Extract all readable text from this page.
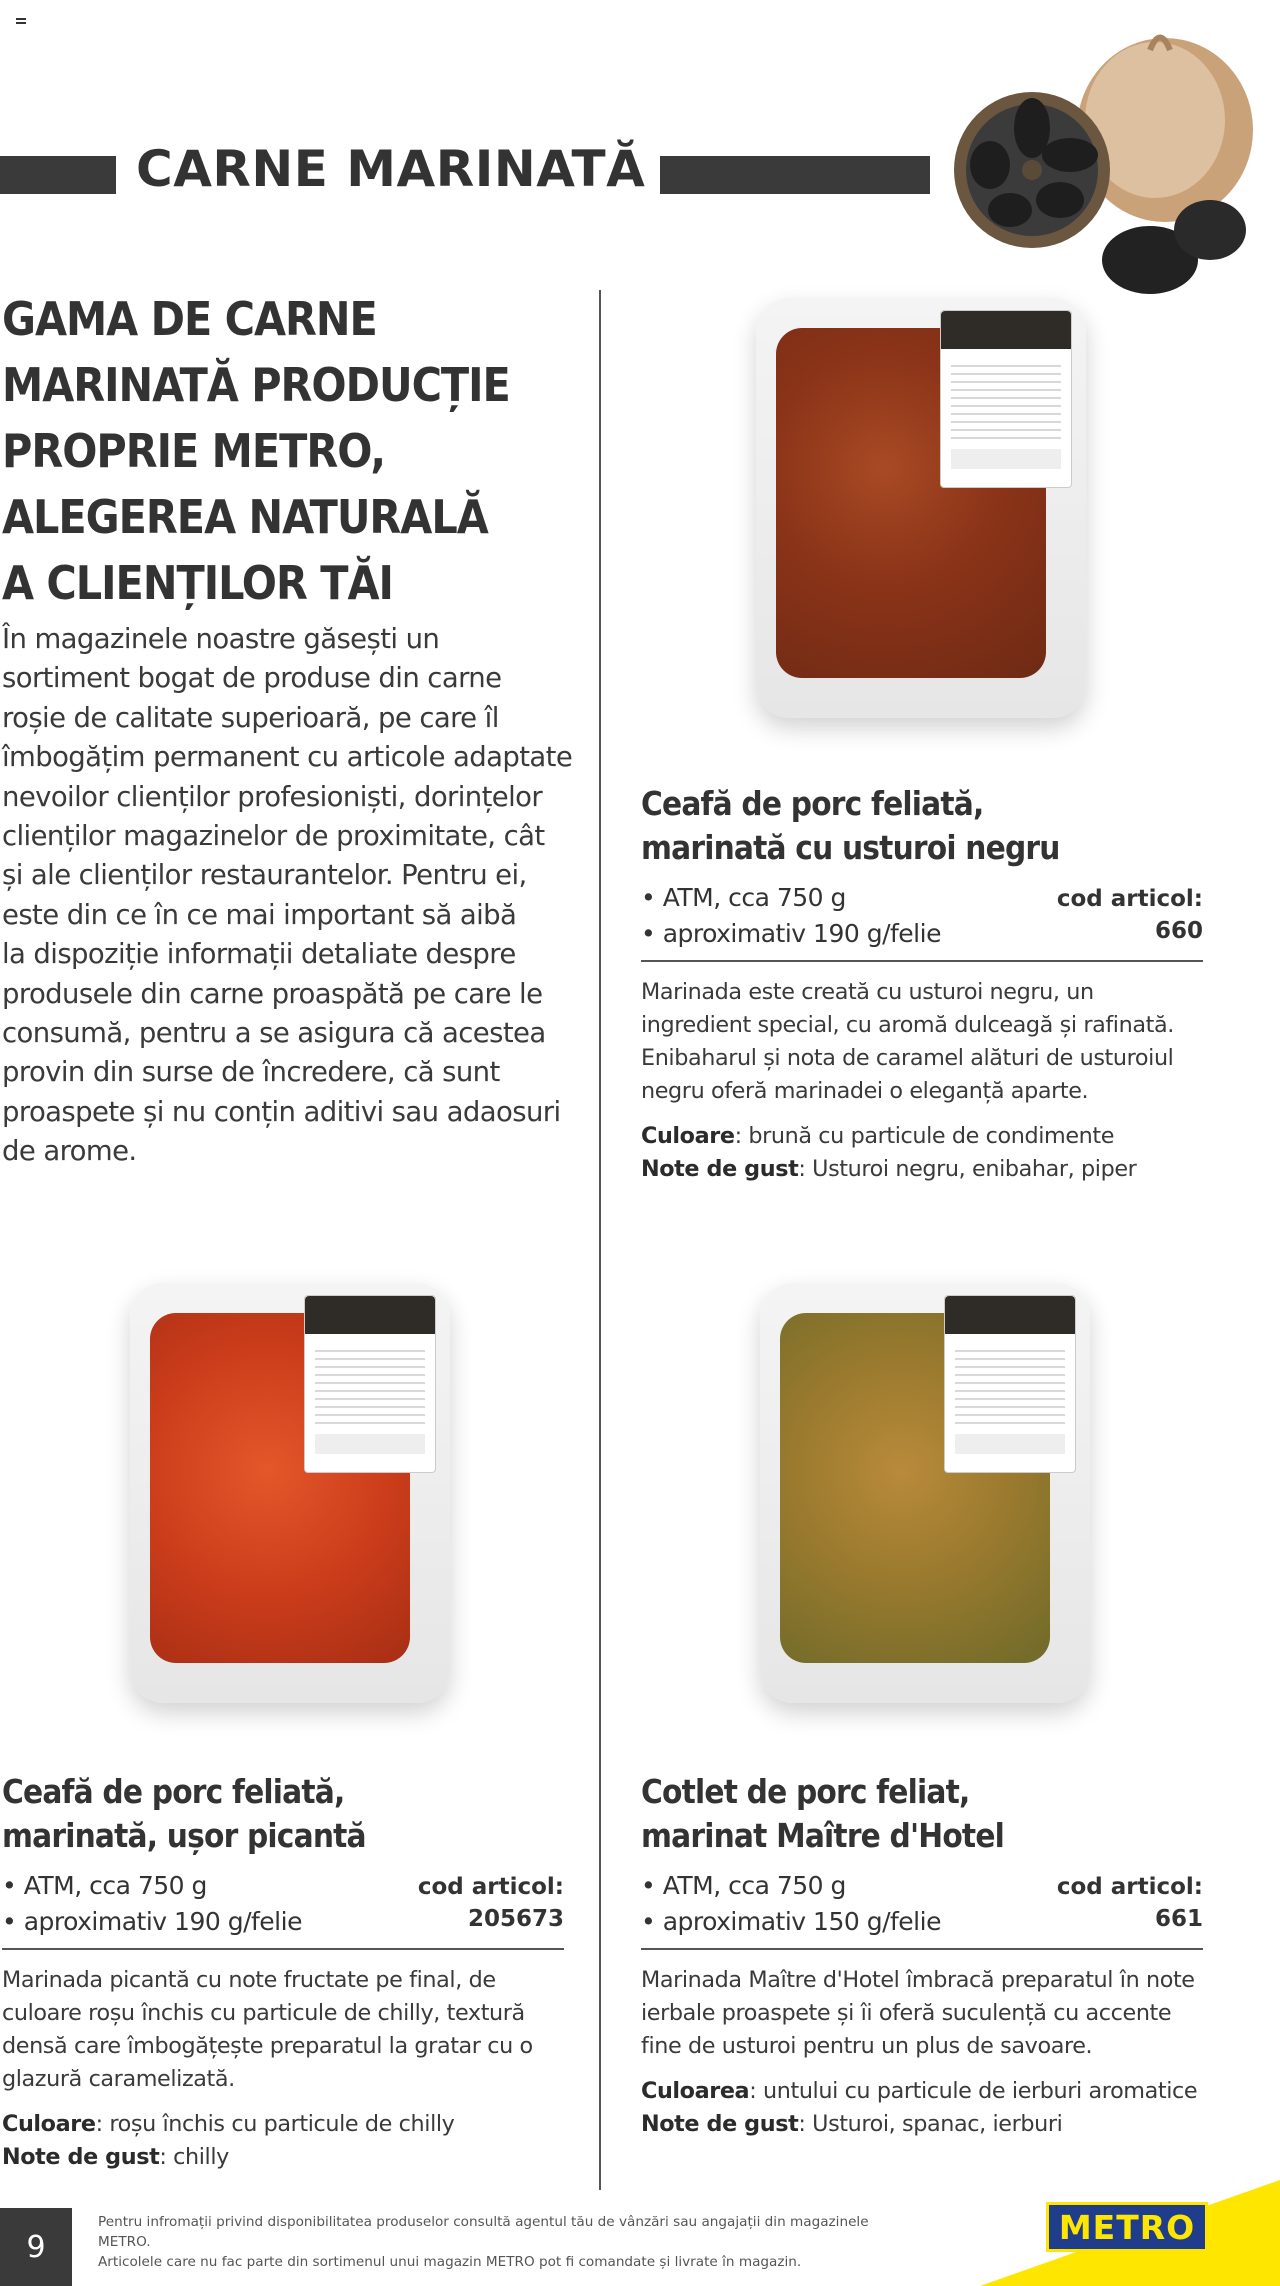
CARNE MARINATĂ
GAMA DE CARNE
MARINATĂ PRODUCȚIE
PROPRIE METRO,
ALEGEREA NATURALĂ
A CLIENȚILOR TĂI
În magazinele noastre găsești un
sortiment bogat de produse din carne
roșie de calitate superioară, pe care îl
îmbogățim permanent cu articole adaptate
nevoilor clienților profesioniști, dorințelor
clienților magazinelor de proximitate, cât
și ale clienților restaurantelor. Pentru ei,
este din ce în ce mai important să aibă
la dispoziție informații detaliate despre
produsele din carne proaspătă pe care le
consumă, pentru a se asigura că acestea
provin din surse de încredere, că sunt
proaspete și nu conțin aditivi sau adaosuri
de arome.
Ceafă de porc feliată,
marinată cu usturoi negru
• ATM, cca 750 g
• aproximativ 190 g/felie
cod articol:
660
Marinada este creată cu usturoi negru, un
ingredient special, cu aromă dulceagă și rafinată.
Enibaharul și nota de caramel alături de usturoiul
negru oferă marinadei o eleganță aparte.
Culoare: brună cu particule de condimente
Note de gust: Usturoi negru, enibahar, piper
Ceafă de porc feliată,
marinată, ușor picantă
• ATM, cca 750 g
• aproximativ 190 g/felie
cod articol:
205673
Marinada picantă cu note fructate pe final, de
culoare roșu închis cu particule de chilly, textură
densă care îmbogățește preparatul la gratar cu o
glazură caramelizată.
Culoare: roșu închis cu particule de chilly
Note de gust: chilly
Cotlet de porc feliat,
marinat Maître d'Hotel
• ATM, cca 750 g
• aproximativ 150 g/felie
cod articol:
661
Marinada Maître d'Hotel îmbracă preparatul în note
ierbale proaspete și îi oferă suculență cu accente
fine de usturoi pentru un plus de savoare.
Culoarea: untului cu particule de ierburi aromatice
Note de gust: Usturoi, spanac, ierburi
9
Pentru infromații privind disponibilitatea produselor consultă agentul tău de vânzări sau angajații din magazinele METRO.
Articolele care nu fac parte din sortimenul unui magazin METRO pot fi comandate și livrate în magazin.
METRO
